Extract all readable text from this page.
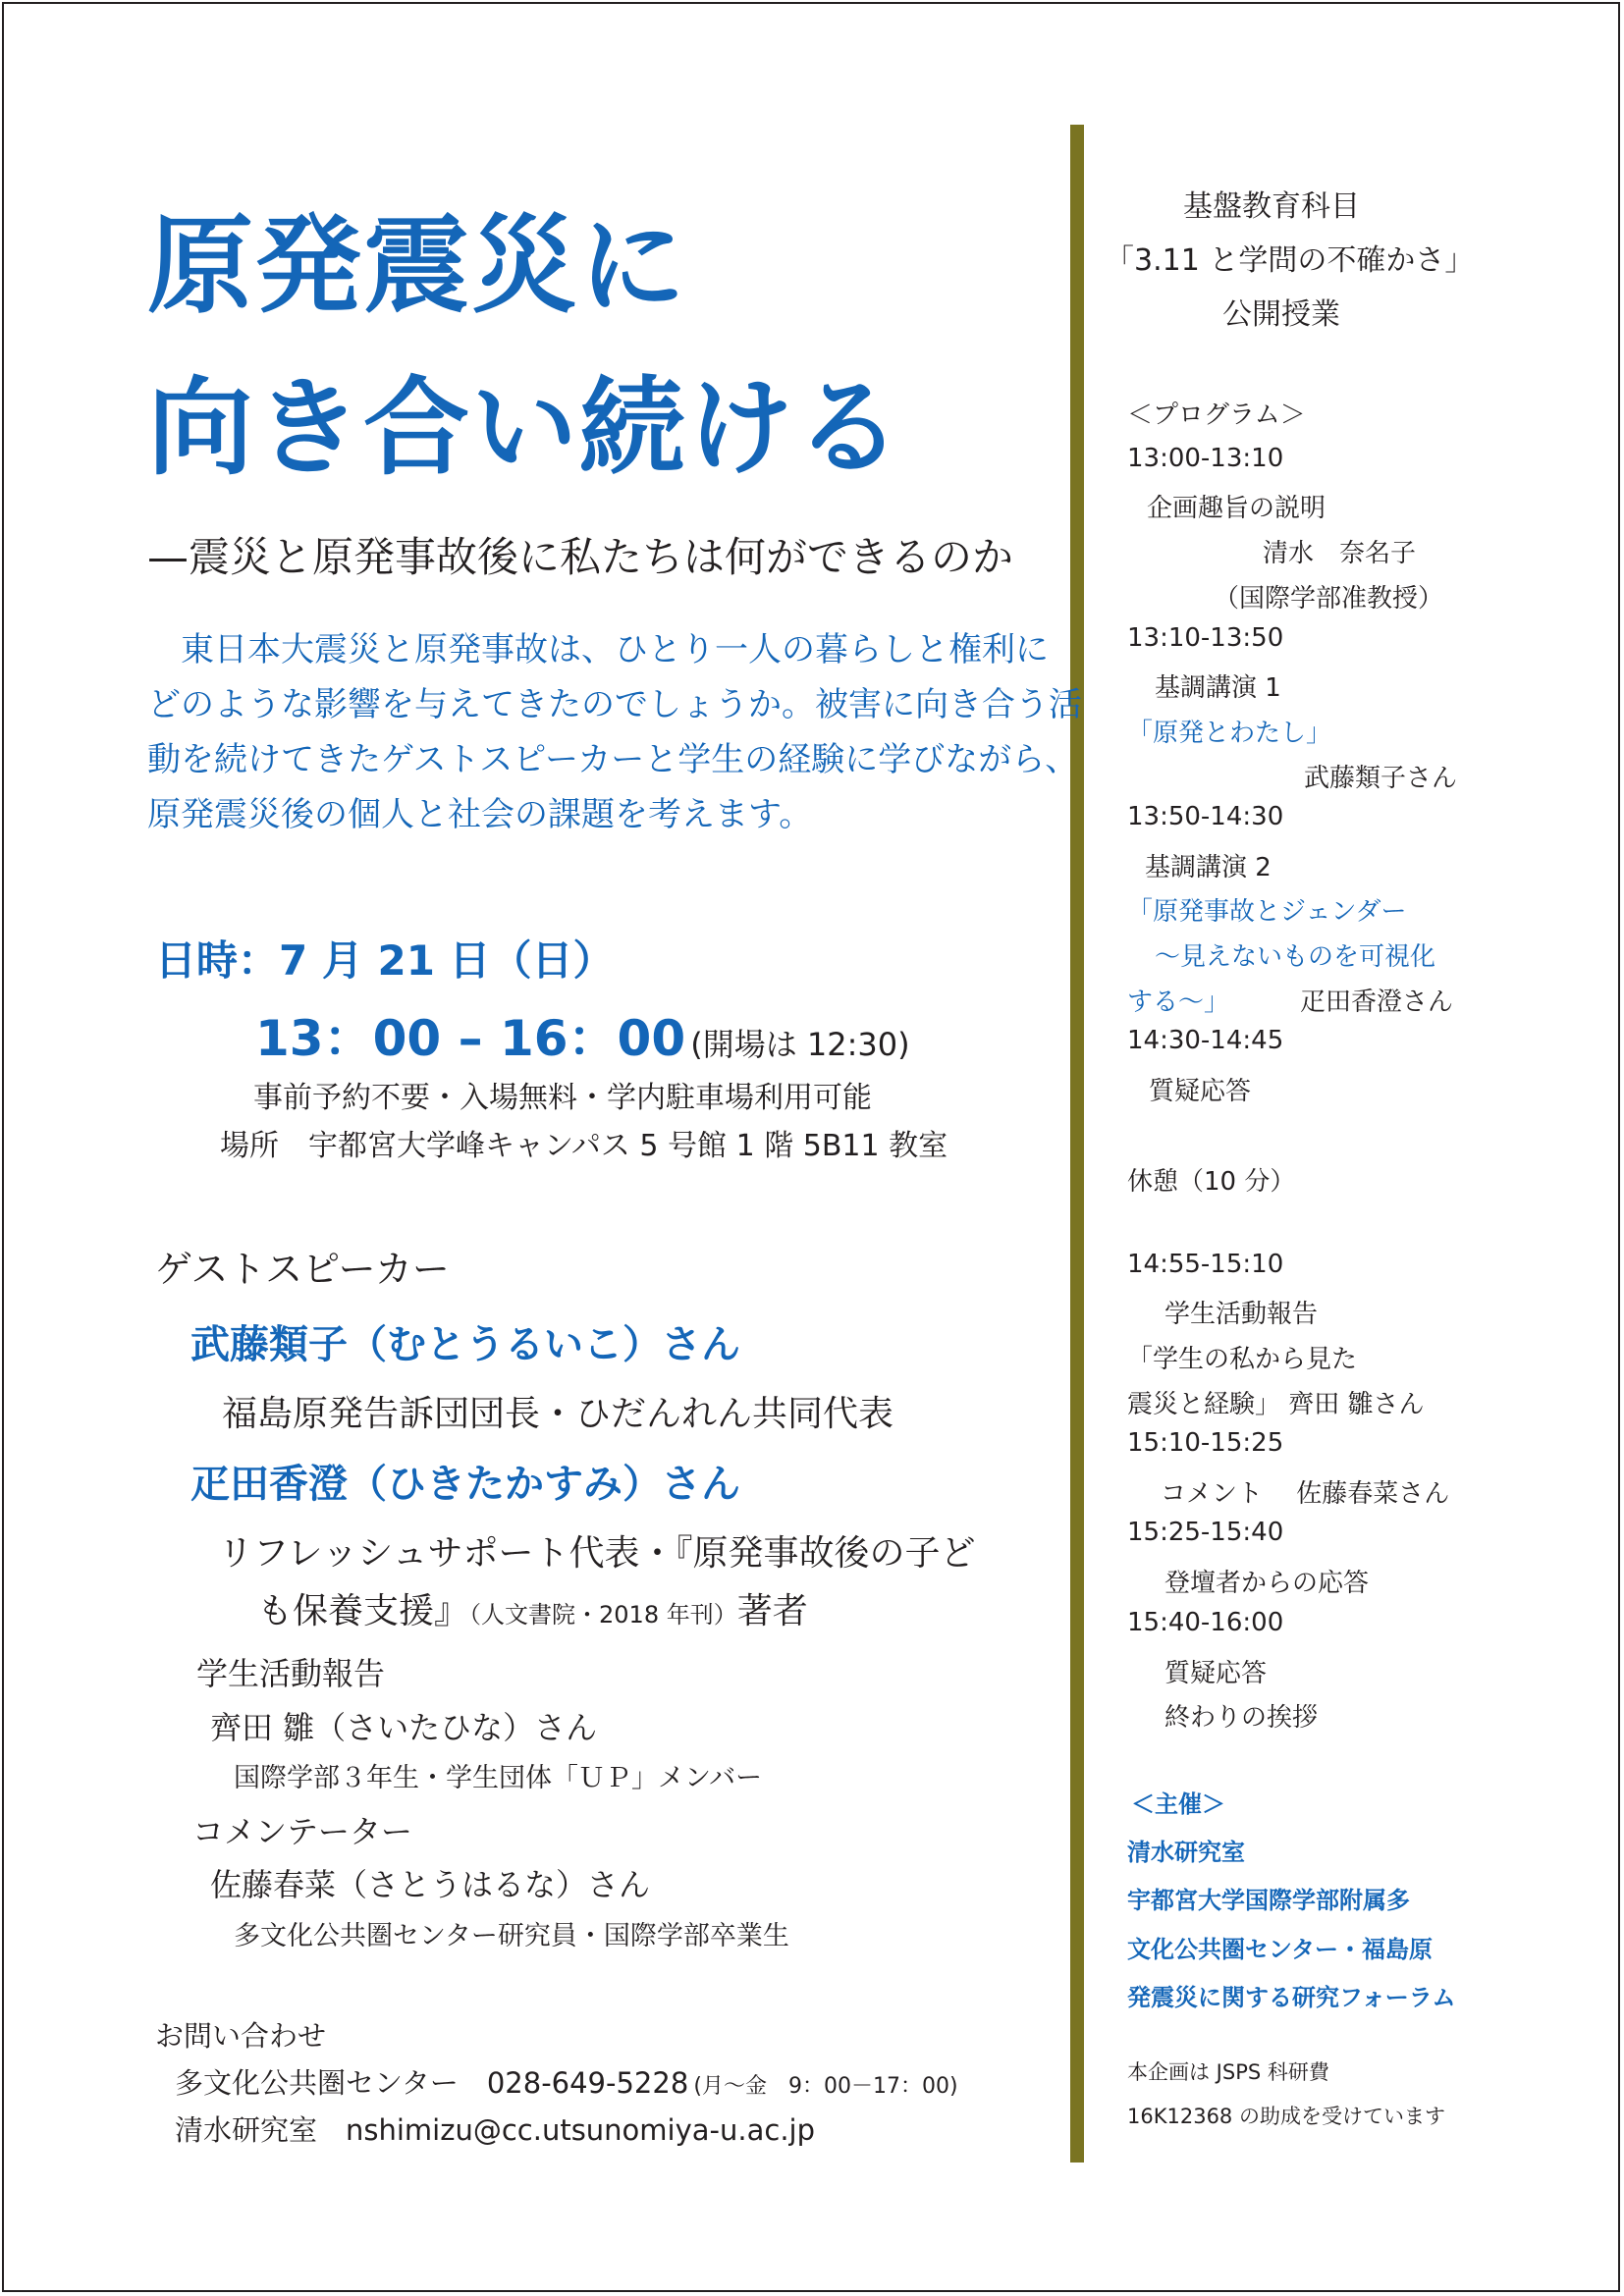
原発震災に
向き合い続ける
—震災と原発事故後に私たちは何ができるのか

　東日本大震災と原発事故は、ひとり一人の暮らしと権利に

どのような影響を与えてきたのでしょうか。被害に向き合う活

動を続けてきたゲストスピーカーと学生の経験に学びながら、

原発震災後の個人と社会の課題を考えます。

日時：7 月 21 日（日）
13：00 – 16：00 (開場は 12:30)
事前予約不要・入場無料・学内駐車場利用可能
場所　宇都宮大学峰キャンパス 5 号館 1 階 5B11 教室
ゲストスピーカー
武藤類子（むとうるいこ）さん
福島原発告訴団団長・ひだんれん共同代表
疋田香澄（ひきたかすみ）さん
リフレッシュサポート代表・『原発事故後の子ど
も保養支援』（人文書院・2018 年刊）著者
学生活動報告
齊田 雛（さいたひな）さん
国際学部３年生・学生団体「ＵＰ」メンバー
コメンテーター
佐藤春菜（さとうはるな）さん
多文化公共圏センター研究員・国際学部卒業生
お問い合わせ
多文化公共圏センター　028-649-5228 (月～金　9：00－17：00)
清水研究室　nshimizu@cc.utsunomiya-u.ac.jp
基盤教育科目
「3.11 と学問の不確かさ」
公開授業
＜プログラム＞
13:00-13:10
企画趣旨の説明
清水　奈名子
（国際学部准教授）
13:10-13:50
基調講演 1
「原発とわたし」
武藤類子さん
13:50-14:30
基調講演 2
「原発事故とジェンダー
～見えないものを可視化
する～」	疋田香澄さん
14:30-14:45
質疑応答
休憩（10 分）
14:55-15:10
学生活動報告
「学生の私から見た
震災と経験」 齊田 雛さん
15:10-15:25
コメント　 佐藤春菜さん
15:25-15:40
登壇者からの応答
15:40-16:00
質疑応答
終わりの挨拶
＜主催＞
清水研究室
宇都宮大学国際学部附属多
文化公共圏センター・福島原
発震災に関する研究フォーラム
本企画は JSPS 科研費
16K12368 の助成を受けています
